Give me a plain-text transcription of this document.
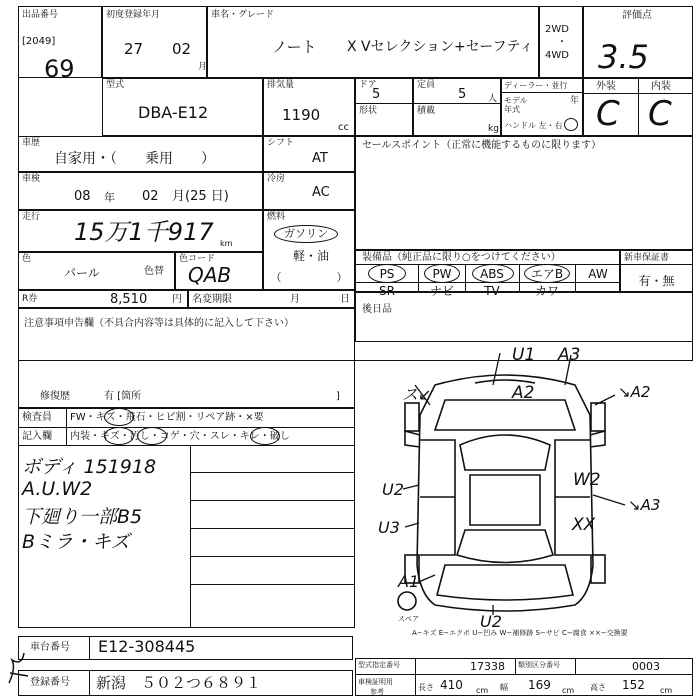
出品番号
[2049]
69
初度登録年月
27 02
月
車名・グレード
ノート X Vセレクション+セーフティ
2WD
・
4WD
評価点
3.5
型式
DBA-E12
排気量
1190
cc
ドア
5
形状
定員
5 人
積載
kg
ディーラー・並行
モデル年式
年
ハンドル 左・右
外装	内装
C C
車歴
自家用・（　　乗用　　）
シフト
AT
セールスポイント（正常に機能するものに限ります）
車検
08 年 02 月(25 日)
冷房
AC
走行
15万1千917 km
燃料
ガソリン
軽・油
（　　　　　）
色
パール	色替
色コード
QAB
装備品（純正品に限り○をつけてください）
PS	PW	ABS	エアB	AW
SR	ナビ	TV	カワ
新車保証書
有・無
R券	8,510 円 名変期限	月	日
後日品
注意事項申告欄（不具合内容等は具体的に記入して下さい）
修復歴	有 [箇所	]
検査員
記入欄
FW・キズ・飛石・ヒビ割・リペア跡・×要
内装・キズ・汚し・コゲ・穴・スレ・キレ・破し
ボディ 151918
A.U.W2
下廻り一部B5
Bミラ・キズ
U1 A3
A2
W2
XX
U2
U3
A1
U2
ス↙	↘A2
↘A3
スペア
A−キズ E−エクボ U−凹み W−補修跡 S−サビ C−腐食 ××−交換要
車台番号 E12-308445
登録番号 新潟　５０２つ６８９１
型式指定番号	17338 類別区分番号	0003
車検証明用
参考	長さ 410 cm 幅 169 cm 高さ 152 cm
